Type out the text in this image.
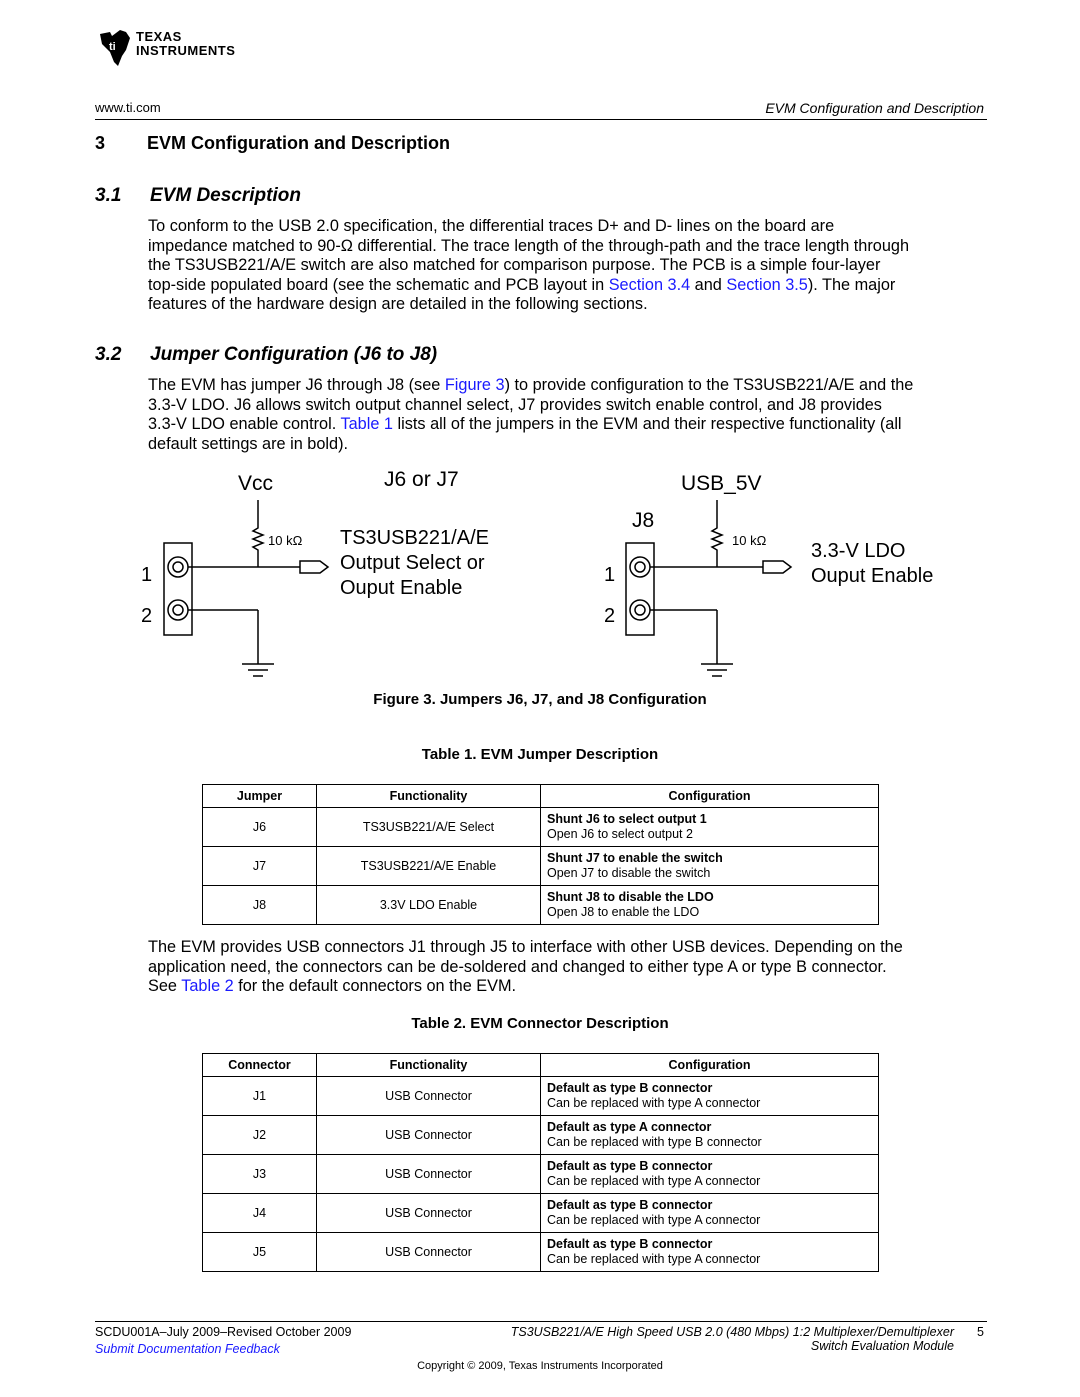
ti
TEXAS
INSTRUMENTS
www.ti.com	EVM Configuration and Description
3 EVM Configuration and Description
3.1 EVM Description
To conform to the USB 2.0 specification, the differential traces D+ and D- lines on the board are
impedance matched to 90-Ω differential. The trace length of the through-path and the trace length through
the TS3USB221/A/E switch are also matched for comparison purpose. The PCB is a simple four-layer
top-side populated board (see the schematic and PCB layout in Section 3.4 and Section 3.5). The major
features of the hardware design are detailed in the following sections.
3.2 Jumper Configuration (J6 to J8)
The EVM has jumper J6 through J8 (see Figure 3) to provide configuration to the TS3USB221/A/E and the
3.3-V LDO. J6 allows switch output channel select, J7 provides switch enable control, and J8 provides
3.3-V LDO enable control. Table 1 lists all of the jumpers in the EVM and their respective functionality (all
default settings are in bold).
Vcc	J6 or J7
10 kΩ TS3USB221/A/E
Output Select or
Ouput Enable
1
2
USB_5V
J8
10 kΩ 3.3-V LDO
Ouput Enable
1
2
Figure 3. Jumpers J6, J7, and J8 Configuration
Table 1. EVM Jumper Description
Jumper	Functionality	Configuration
J6	TS3USB221/A/E Select	Shunt J6 to select output 1
Open J6 to select output 2

J7	TS3USB221/A/E Enable	Shunt J7 to enable the switch
Open J7 to disable the switch

J8	3.3V LDO Enable	Shunt J8 to disable the LDO
Open J8 to enable the LDO
The EVM provides USB connectors J1 through J5 to interface with other USB devices. Depending on the
application need, the connectors can be de-soldered and changed to either type A or type B connector.
See Table 2 for the default connectors on the EVM.
Table 2. EVM Connector Description
Connector	Functionality	Configuration
J1	USB Connector	Default as type B connector
Can be replaced with type A connector

J2	USB Connector	Default as type A connector
Can be replaced with type B connector

J3	USB Connector	Default as type B connector
Can be replaced with type A connector

J4	USB Connector	Default as type B connector
Can be replaced with type A connector

J5	USB Connector	Default as type B connector
Can be replaced with type A connector
SCDU001A–July 2009–Revised October 2009
Submit Documentation Feedback
TS3USB221/A/E High Speed USB 2.0 (480 Mbps) 1:2 Multiplexer/Demultiplexer
Switch Evaluation Module
5
Copyright © 2009, Texas Instruments Incorporated
